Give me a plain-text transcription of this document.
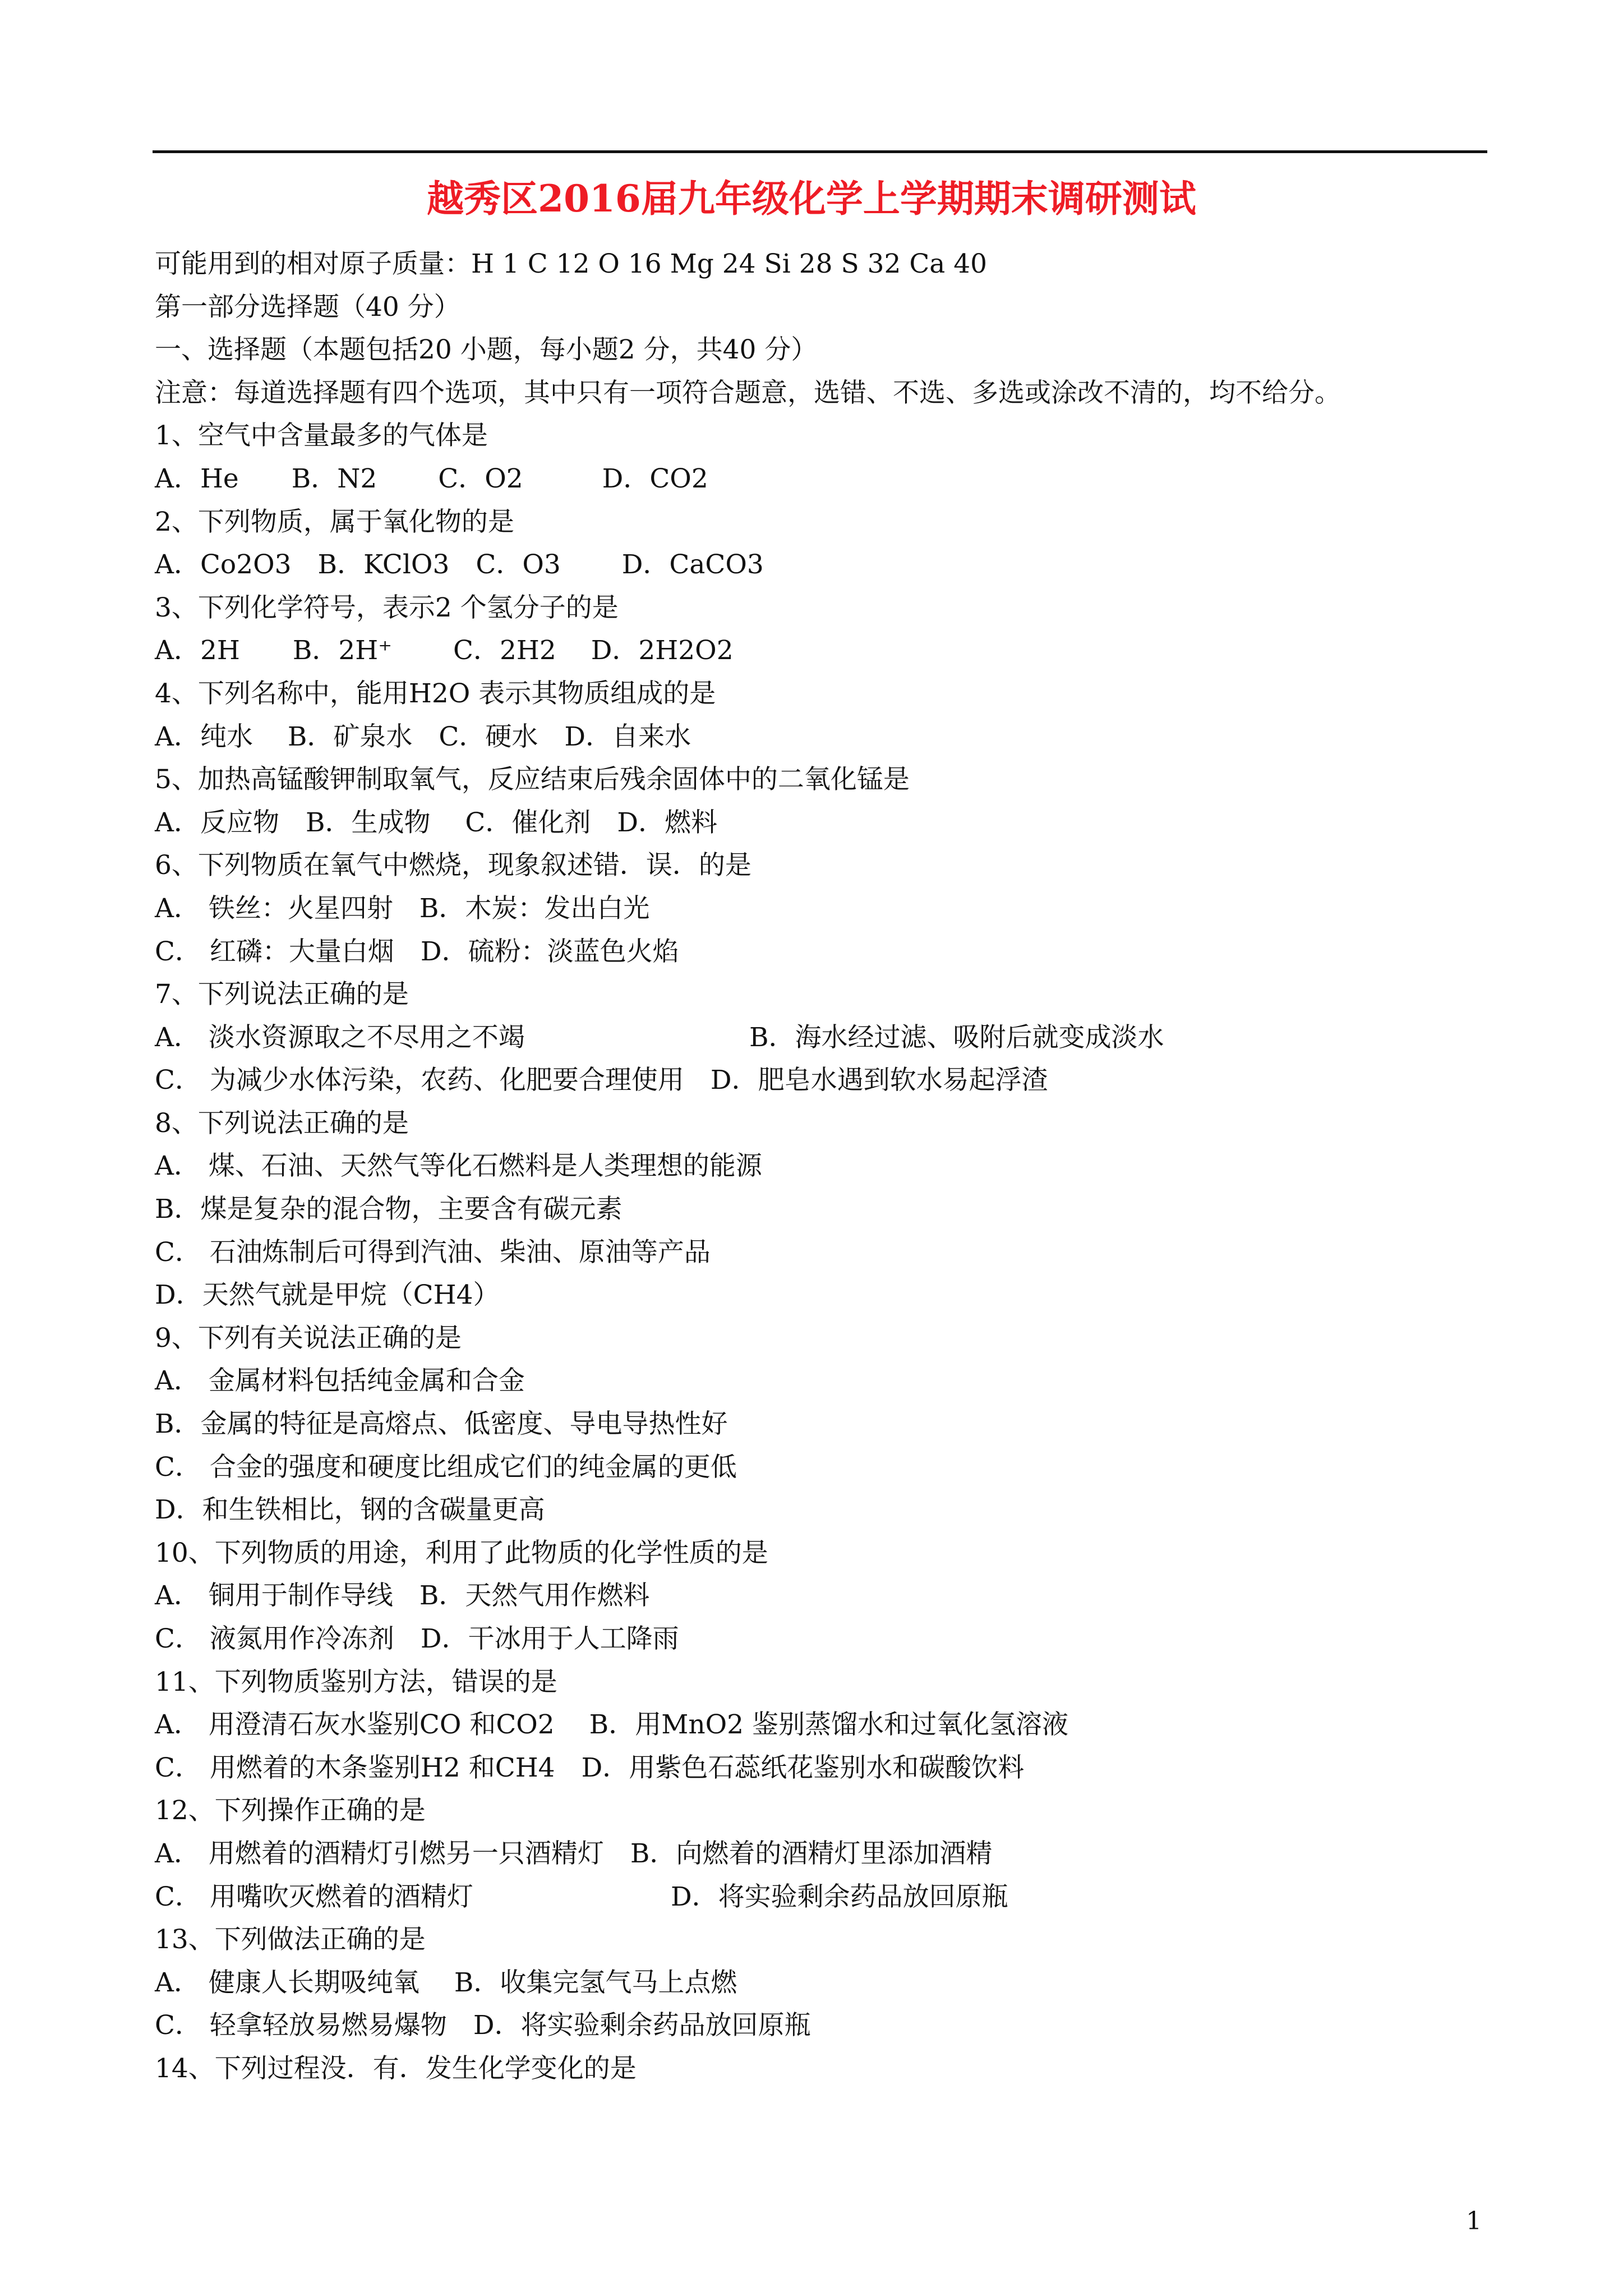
越秀区2016届九年级化学上学期期末调研测试
可能用到的相对原子质量：H 1 C 12 O 16 Mg 24 Si 28 S 32 Ca 40
第一部分选择题（40 分）
一、选择题（本题包括20 小题，每小题2 分，共40 分）
注意：每道选择题有四个选项，其中只有一项符合题意，选错、不选、多选或涂改不清的，均不给分。
1、空气中含量最多的气体是
A．He　　B．N2　　 C．O2　　　D．CO2
2、下列物质，属于氧化物的是
A．Co2O3　B．KClO3　C．O3　　 D．CaCO3
3、下列化学符号，表示2 个氢分子的是
A．2H　　B．2H⁺　　 C．2H2　 D．2H2O2
4、下列名称中，能用H2O 表示其物质组成的是
A．纯水　 B．矿泉水　C．硬水　D．自来水
5、加热高锰酸钾制取氧气，反应结束后残余固体中的二氧化锰是
A．反应物　B．生成物　 C．催化剂　D．燃料
6、下列物质在氧气中燃烧，现象叙述错．误．的是
A． 铁丝：火星四射　B．木炭：发出白光
C． 红磷：大量白烟　D．硫粉：淡蓝色火焰
7、下列说法正确的是
A． 淡水资源取之不尽用之不竭	B．海水经过滤、吸附后就变成淡水
C． 为减少水体污染，农药、化肥要合理使用　D．肥皂水遇到软水易起浮渣
8、下列说法正确的是
A． 煤、石油、天然气等化石燃料是人类理想的能源
B．煤是复杂的混合物，主要含有碳元素
C． 石油炼制后可得到汽油、柴油、原油等产品
D．天然气就是甲烷（CH4）
9、下列有关说法正确的是
A． 金属材料包括纯金属和合金
B．金属的特征是高熔点、低密度、导电导热性好
C． 合金的强度和硬度比组成它们的纯金属的更低
D．和生铁相比，钢的含碳量更高
10、下列物质的用途，利用了此物质的化学性质的是
A． 铜用于制作导线　B．天然气用作燃料
C． 液氮用作冷冻剂　D．干冰用于人工降雨
11、下列物质鉴别方法，错误的是
A． 用澄清石灰水鉴别CO 和CO2　 B．用MnO2 鉴别蒸馏水和过氧化氢溶液
C． 用燃着的木条鉴别H2 和CH4　D．用紫色石蕊纸花鉴别水和碳酸饮料
12、下列操作正确的是
A． 用燃着的酒精灯引燃另一只酒精灯　B．向燃着的酒精灯里添加酒精
C． 用嘴吹灭燃着的酒精灯	D．将实验剩余药品放回原瓶
13、下列做法正确的是
A． 健康人长期吸纯氧　 B．收集完氢气马上点燃
C． 轻拿轻放易燃易爆物　D．将实验剩余药品放回原瓶
14、下列过程没．有．发生化学变化的是
1
